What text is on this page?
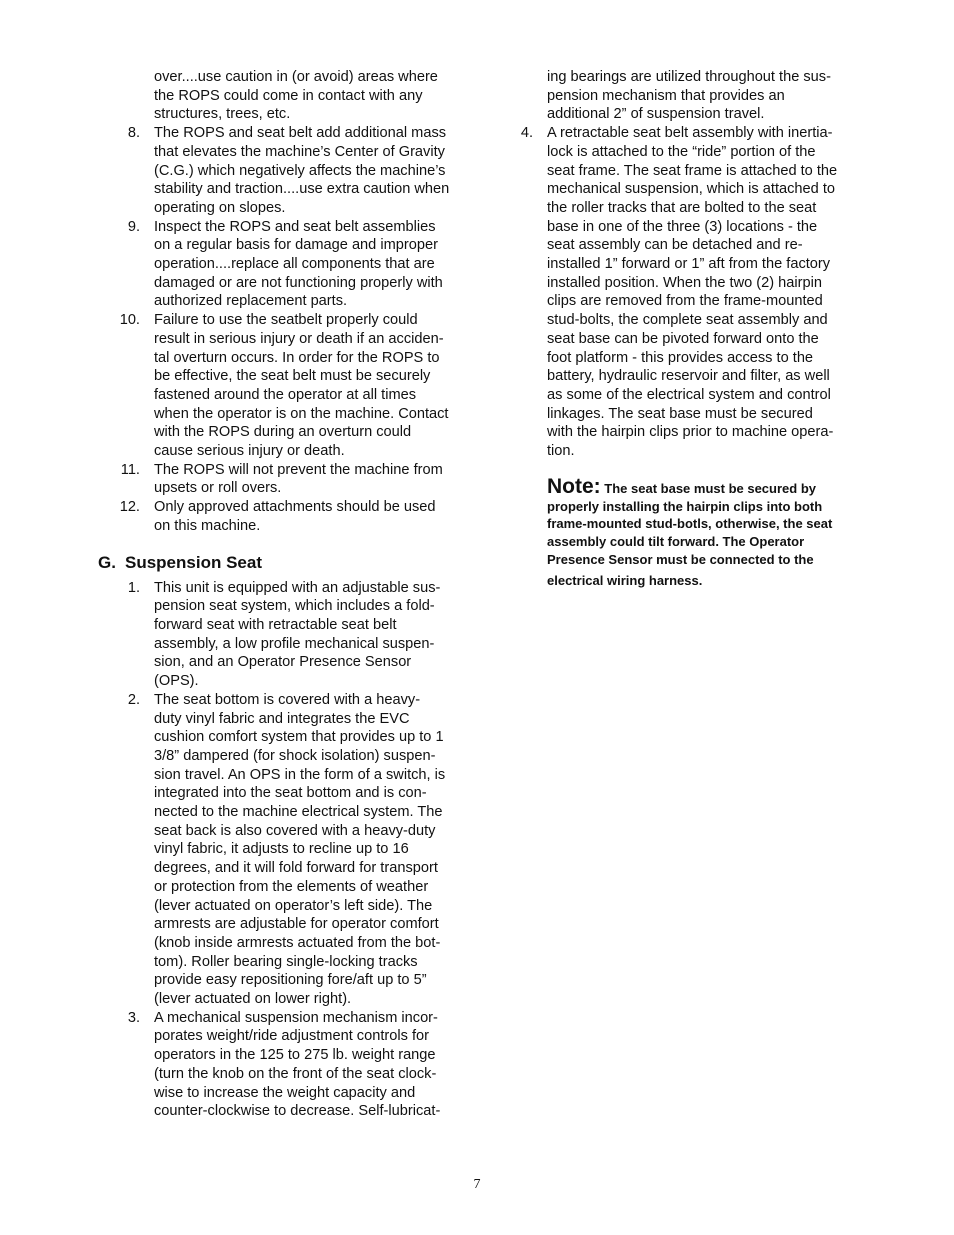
over....use caution in (or avoid) areas where
the ROPS could come in contact with any
structures, trees, etc.
8. The ROPS and seat belt add additional mass
that elevates the machine’s Center of Gravity
(C.G.) which negatively affects the machine’s
stability and traction....use extra caution when
operating on slopes.
9. Inspect the ROPS and seat belt assemblies
on a regular basis for damage and improper
operation....replace all components that are
damaged or are not functioning properly with
authorized replacement parts.
10. Failure to use the seatbelt properly could
result in serious injury or death if an acciden-
tal overturn occurs. In order for the ROPS to
be effective, the seat belt must be securely
fastened around the operator at all times
when the operator is on the machine. Contact
with the ROPS during an overturn could
cause serious injury or death.
11. The ROPS will not prevent the machine from
upsets or roll overs.
12. Only approved attachments should be used
on this machine.
G. Suspension Seat
1. This unit is equipped with an adjustable sus-
pension seat system, which includes a fold-
forward seat with retractable seat belt
assembly, a low profile mechanical suspen-
sion, and an Operator Presence Sensor
(OPS).
2. The seat bottom is covered with a heavy-
duty vinyl fabric and integrates the EVC
cushion comfort system that provides up to 1
3/8” dampered (for shock isolation) suspen-
sion travel. An OPS in the form of a switch, is
integrated into the seat bottom and is con-
nected to the machine electrical system. The
seat back is also covered with a heavy-duty
vinyl fabric, it adjusts to recline up to 16
degrees, and it will fold forward for transport
or protection from the elements of weather
(lever actuated on operator’s left side). The
armrests are adjustable for operator comfort
(knob inside armrests actuated from the bot-
tom). Roller bearing single-locking tracks
provide easy repositioning fore/aft up to 5”
(lever actuated on lower right).
3. A mechanical suspension mechanism incor-
porates weight/ride adjustment controls for
operators in the 125 to 275 lb. weight range
(turn the knob on the front of the seat clock-
wise to increase the weight capacity and
counter-clockwise to decrease. Self-lubricat-
ing bearings are utilized throughout the sus-
pension mechanism that provides an
additional 2” of suspension travel.
4. A retractable seat belt assembly with inertia-
lock is attached to the “ride” portion of the
seat frame. The seat frame is attached to the
mechanical suspension, which is attached to
the roller tracks that are bolted to the seat
base in one of the three (3) locations - the
seat assembly can be detached and re-
installed 1” forward or 1” aft from the factory
installed position. When the two (2) hairpin
clips are removed from the frame-mounted
stud-bolts, the complete seat assembly and
seat base can be pivoted forward onto the
foot platform - this provides access to the
battery, hydraulic reservoir and filter, as well
as some of the electrical system and control
linkages. The seat base must be secured
with the hairpin clips prior to machine opera-
tion.
Note: The seat base must be secured by
properly installing the hairpin clips into both
frame-mounted stud-botls, otherwise, the seat
assembly could tilt forward. The Operator
Presence Sensor must be connected to the
electrical wiring harness.
7
